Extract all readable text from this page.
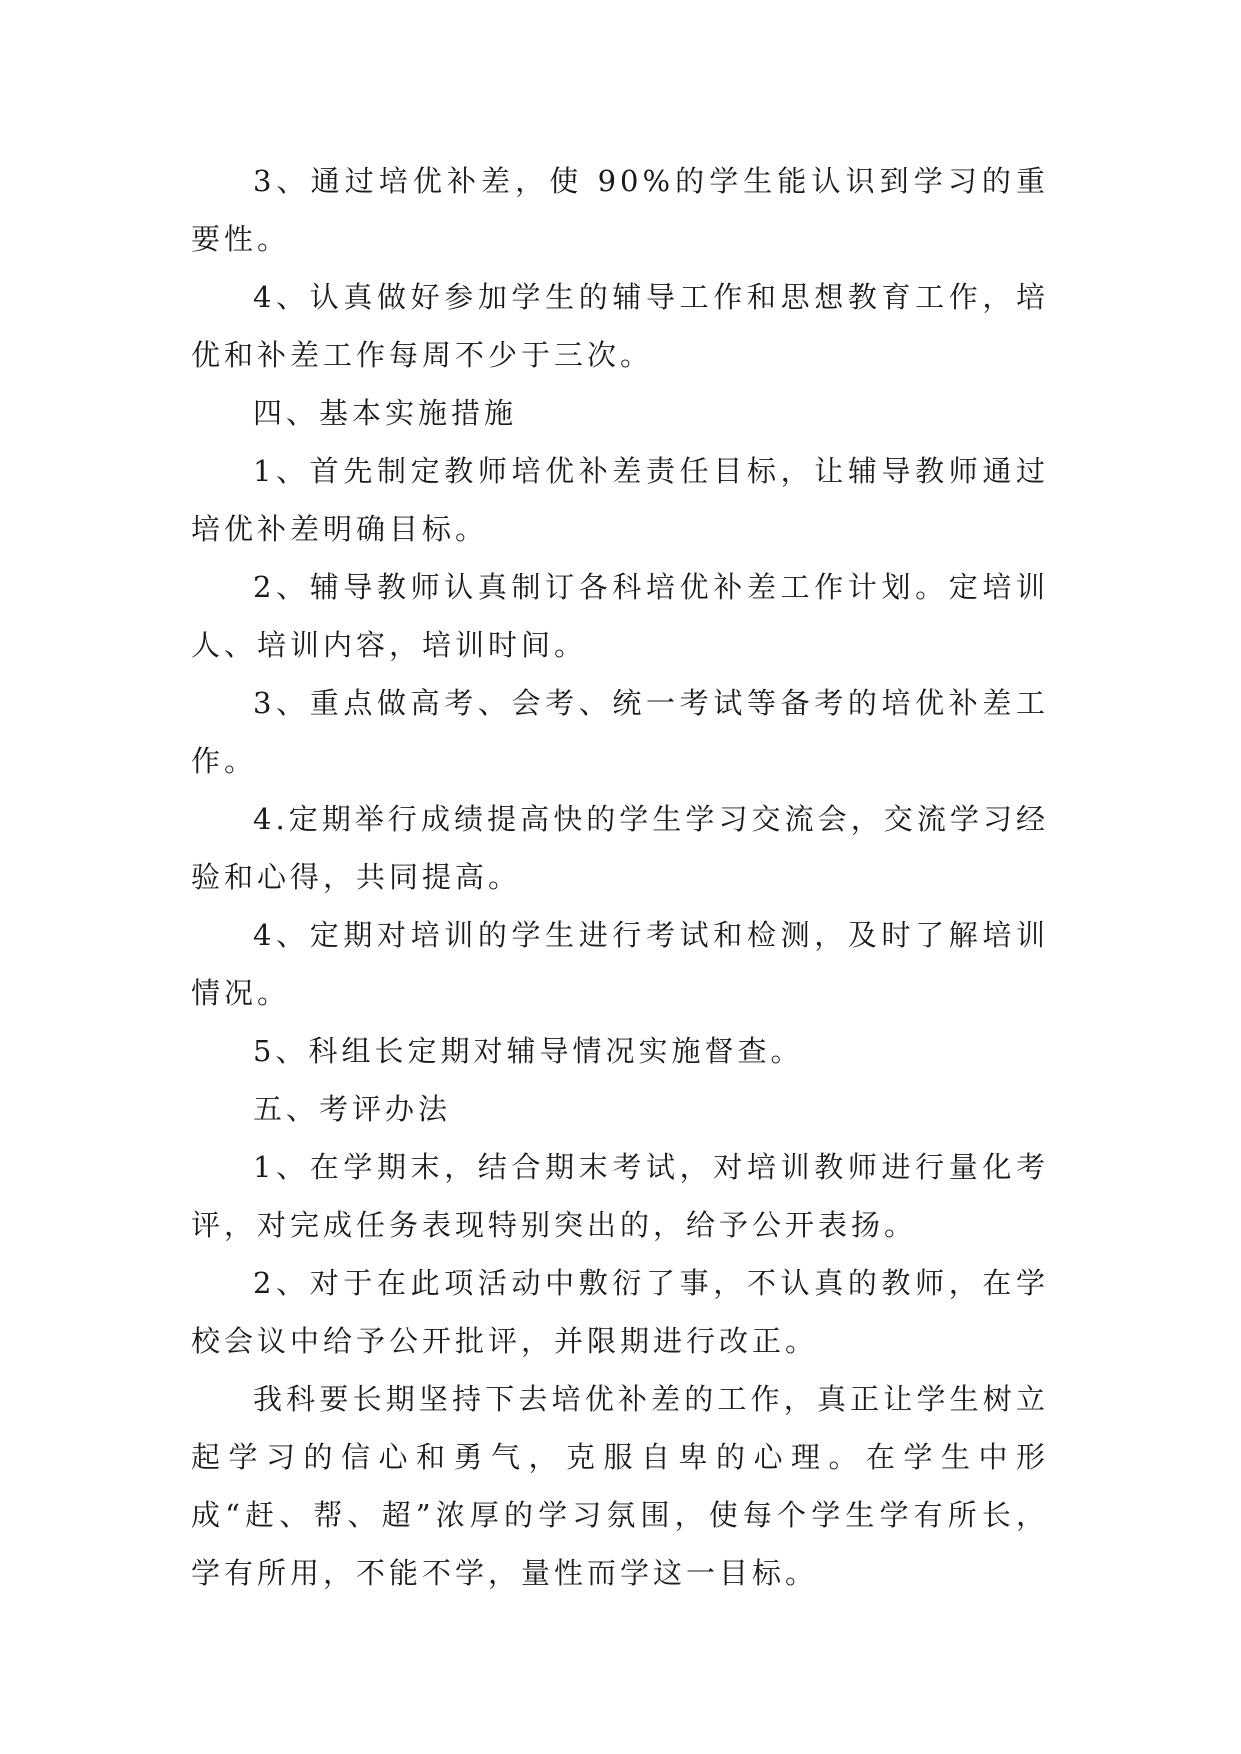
3、通过培优补差，使 90%的学生能认识到学习的重要性。

4、认真做好参加学生的辅导工作和思想教育工作，培优和补差工作每周不少于三次。

四、基本实施措施

1、首先制定教师培优补差责任目标，让辅导教师通过培优补差明确目标。

2、辅导教师认真制订各科培优补差工作计划。定培训人、培训内容，培训时间。

3、重点做高考、会考、统一考试等备考的培优补差工作。

4.定期举行成绩提高快的学生学习交流会，交流学习经验和心得，共同提高。

4、定期对培训的学生进行考试和检测，及时了解培训情况。

5、科组长定期对辅导情况实施督查。

五、考评办法

1、在学期末，结合期末考试，对培训教师进行量化考评，对完成任务表现特别突出的，给予公开表扬。

2、对于在此项活动中敷衍了事，不认真的教师，在学校会议中给予公开批评，并限期进行改正。

我科要长期坚持下去培优补差的工作，真正让学生树立起学习的信心和勇气，克服自卑的心理。在学生中形成“赶、帮、超”浓厚的学习氛围，使每个学生学有所长，学有所用，不能不学，量性而学这一目标。
